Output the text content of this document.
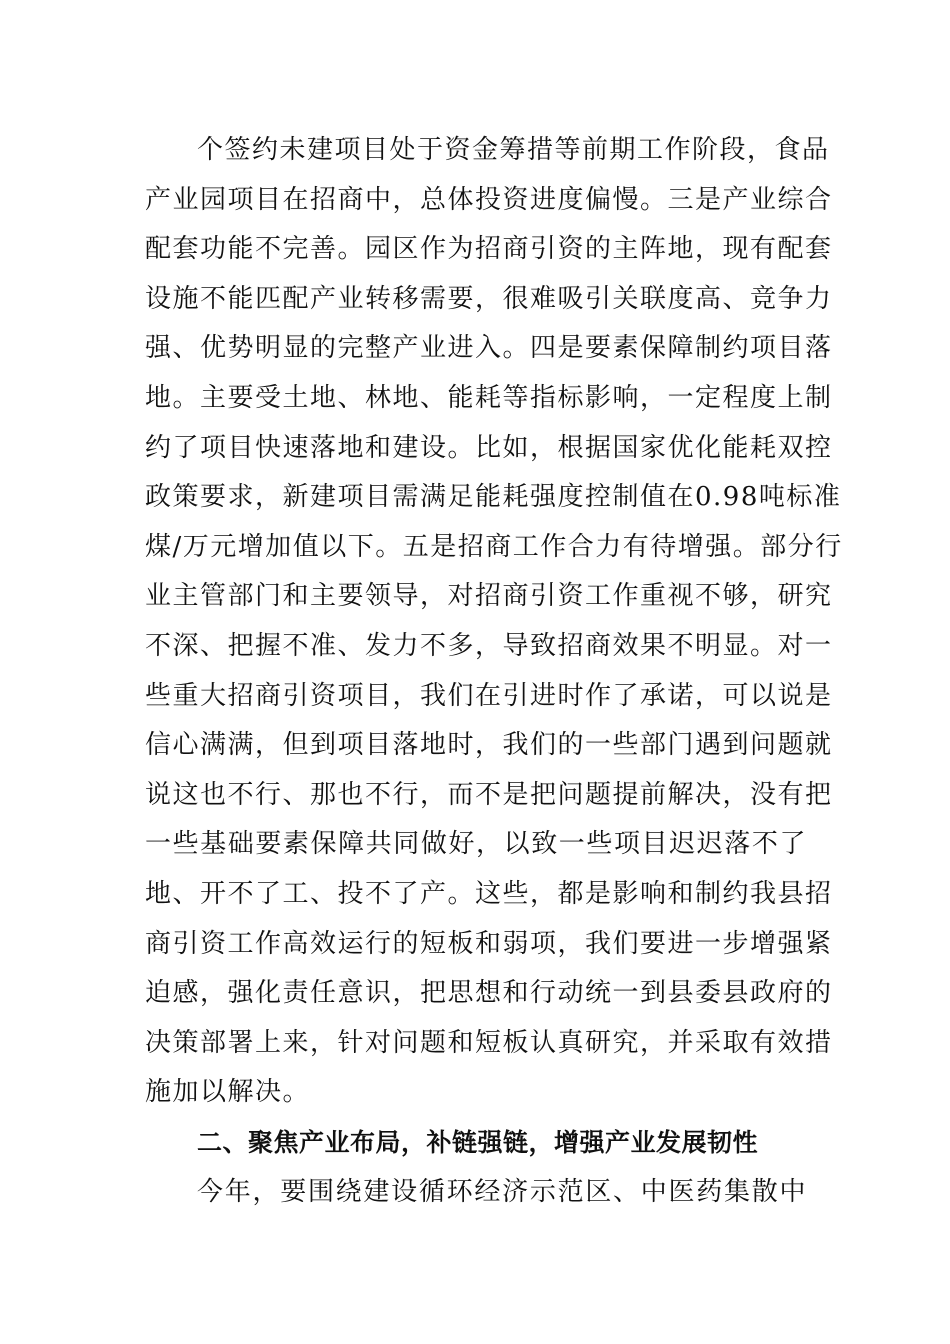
个签约未建项目处于资金筹措等前期工作阶段，食品
产业园项目在招商中，总体投资进度偏慢。三是产业综合
配套功能不完善。园区作为招商引资的主阵地，现有配套
设施不能匹配产业转移需要，很难吸引关联度高、竞争力
强、优势明显的完整产业进入。四是要素保障制约项目落
地。主要受土地、林地、能耗等指标影响，一定程度上制
约了项目快速落地和建设。比如，根据国家优化能耗双控
政策要求，新建项目需满足能耗强度控制值在0.98吨标准
煤/万元增加值以下。五是招商工作合力有待增强。部分行
业主管部门和主要领导，对招商引资工作重视不够，研究
不深、把握不准、发力不多，导致招商效果不明显。对一
些重大招商引资项目，我们在引进时作了承诺，可以说是
信心满满，但到项目落地时，我们的一些部门遇到问题就
说这也不行、那也不行，而不是把问题提前解决，没有把
一些基础要素保障共同做好，以致一些项目迟迟落不了
地、开不了工、投不了产。这些，都是影响和制约我县招
商引资工作高效运行的短板和弱项，我们要进一步增强紧
迫感，强化责任意识，把思想和行动统一到县委县政府的
决策部署上来，针对问题和短板认真研究，并采取有效措
施加以解决。
二、聚焦产业布局，补链强链，增强产业发展韧性
今年，要围绕建设循环经济示范区、中医药集散中
